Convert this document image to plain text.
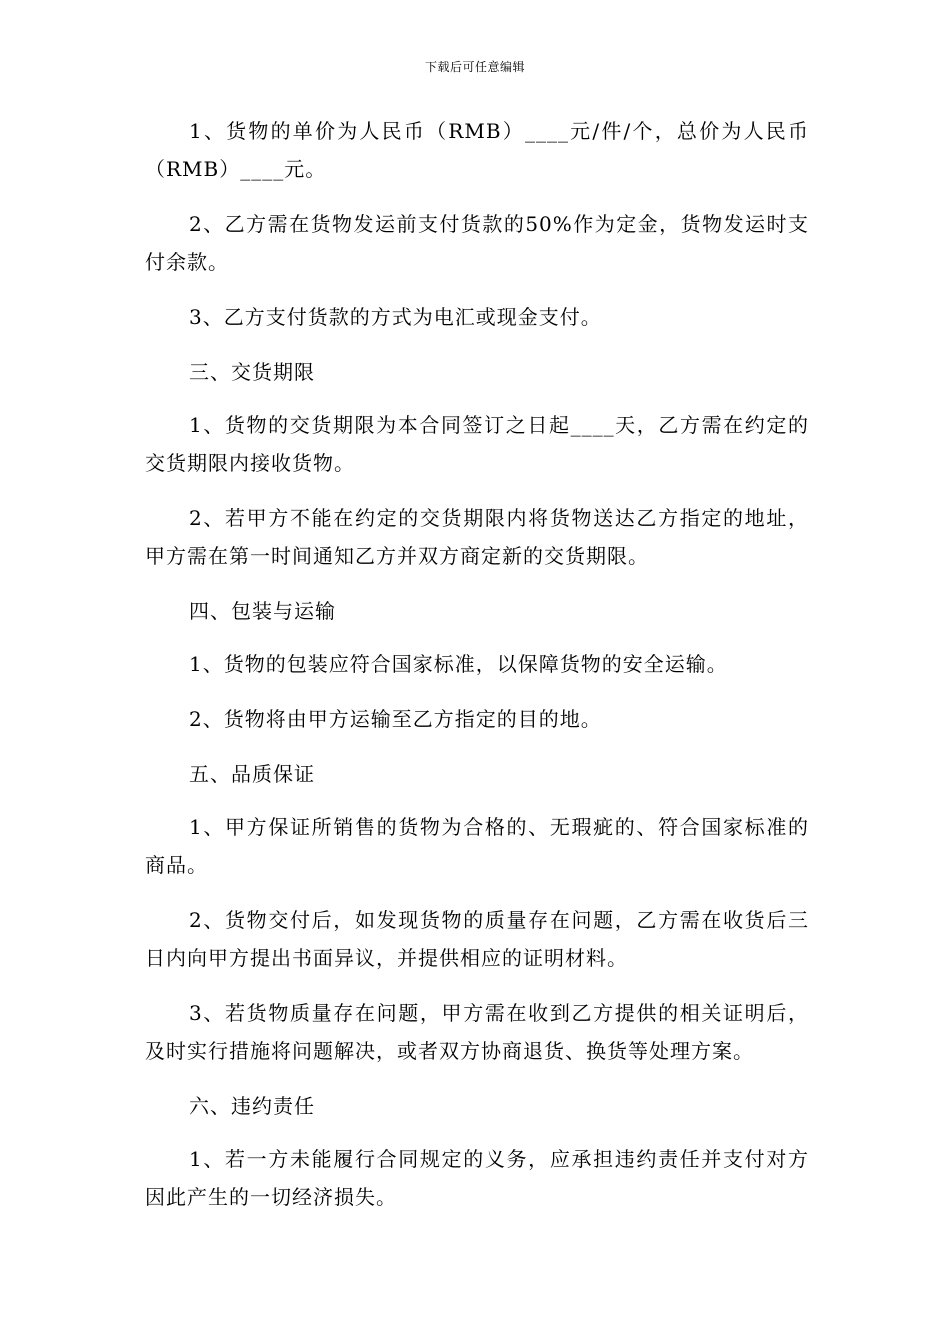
下载后可任意编辑

1、货物的单价为人民币（RMB）____元/件/个，总价为人民币（RMB）____元。

2、乙方需在货物发运前支付货款的50%作为定金，货物发运时支付余款。

3、乙方支付货款的方式为电汇或现金支付。

三、交货期限

1、货物的交货期限为本合同签订之日起____天，乙方需在约定的交货期限内接收货物。

2、若甲方不能在约定的交货期限内将货物送达乙方指定的地址，甲方需在第一时间通知乙方并双方商定新的交货期限。

四、包装与运输

1、货物的包装应符合国家标准，以保障货物的安全运输。

2、货物将由甲方运输至乙方指定的目的地。

五、品质保证

1、甲方保证所销售的货物为合格的、无瑕疵的、符合国家标准的商品。

2、货物交付后，如发现货物的质量存在问题，乙方需在收货后三日内向甲方提出书面异议，并提供相应的证明材料。

3、若货物质量存在问题，甲方需在收到乙方提供的相关证明后，及时实行措施将问题解决，或者双方协商退货、换货等处理方案。

六、违约责任

1、若一方未能履行合同规定的义务，应承担违约责任并支付对方因此产生的一切经济损失。
